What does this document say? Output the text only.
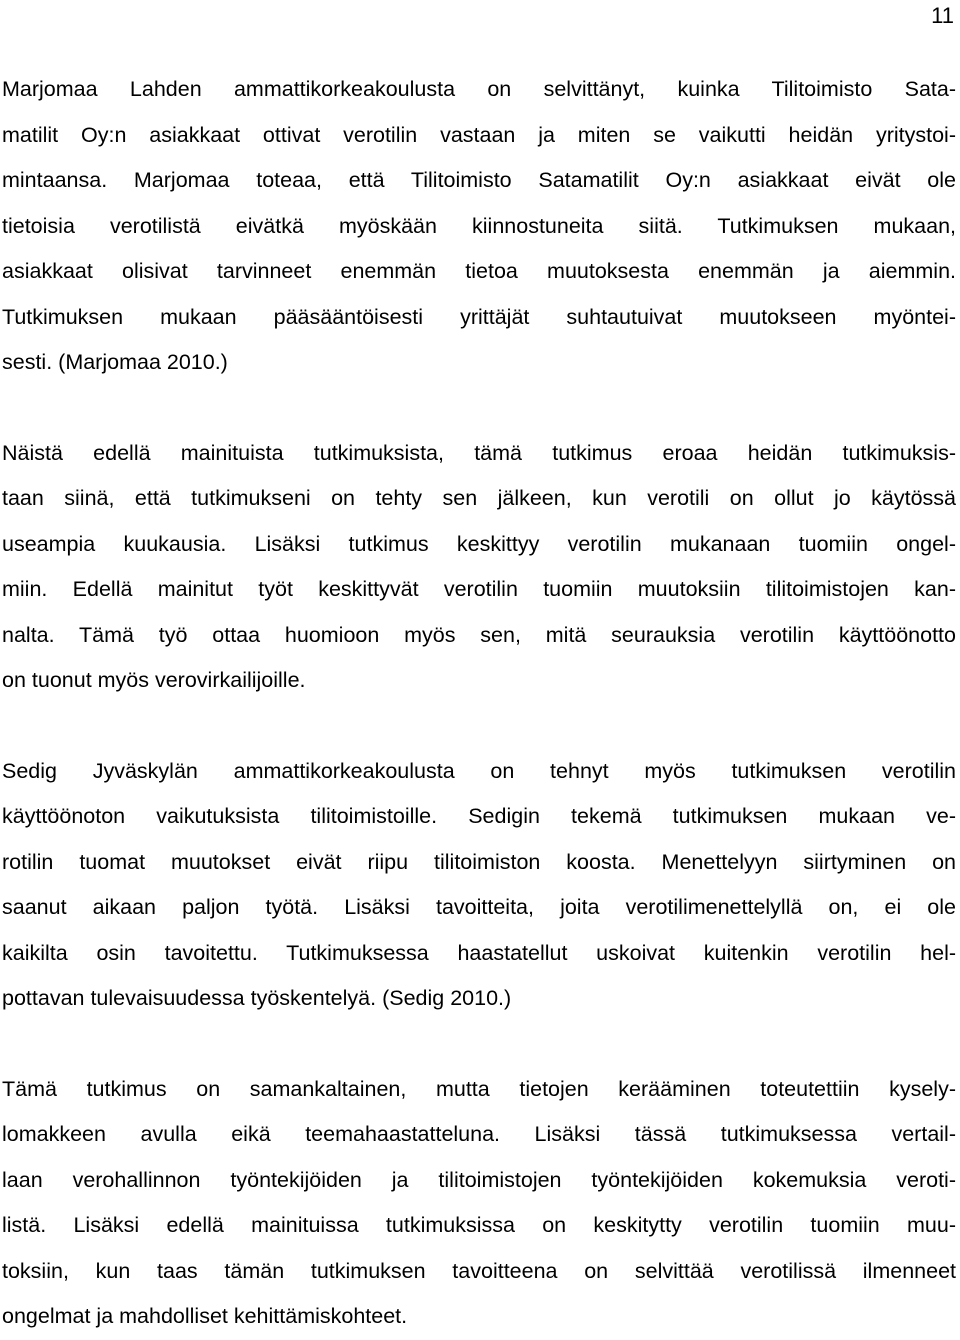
11

Marjomaa Lahden ammattikorkeakoulusta on selvittänyt, kuinka Tilitoimisto Sata-
matilit Oy:n asiakkaat ottivat verotilin vastaan ja miten se vaikutti heidän yritystoi-
mintaansa. Marjomaa toteaa, että Tilitoimisto Satamatilit Oy:n asiakkaat eivät ole
tietoisia verotilistä eivätkä myöskään kiinnostuneita siitä. Tutkimuksen mukaan,
asiakkaat olisivat tarvinneet enemmän tietoa muutoksesta enemmän ja aiemmin.
Tutkimuksen mukaan pääsääntöisesti yrittäjät suhtautuivat muutokseen myöntei-
sesti. (Marjomaa 2010.)

Näistä edellä mainituista tutkimuksista, tämä tutkimus eroaa heidän tutkimuksis-
taan siinä, että tutkimukseni on tehty sen jälkeen, kun verotili on ollut jo käytössä
useampia kuukausia. Lisäksi tutkimus keskittyy verotilin mukanaan tuomiin ongel-
miin. Edellä mainitut työt keskittyvät verotilin tuomiin muutoksiin tilitoimistojen kan-
nalta. Tämä työ ottaa huomioon myös sen, mitä seurauksia verotilin käyttöönotto
on tuonut myös verovirkailijoille.

Sedig Jyväskylän ammattikorkeakoulusta on tehnyt myös tutkimuksen verotilin
käyttöönoton vaikutuksista tilitoimistoille. Sedigin tekemä tutkimuksen mukaan ve-
rotilin tuomat muutokset eivät riipu tilitoimiston koosta. Menettelyyn siirtyminen on
saanut aikaan paljon työtä. Lisäksi tavoitteita, joita verotilimenettelyllä on, ei ole
kaikilta osin tavoitettu. Tutkimuksessa haastatellut uskoivat kuitenkin verotilin hel-
pottavan tulevaisuudessa työskentelyä. (Sedig 2010.)

Tämä tutkimus on samankaltainen, mutta tietojen kerääminen toteutettiin kysely-
lomakkeen avulla eikä teemahaastatteluna. Lisäksi tässä tutkimuksessa vertail-
laan verohallinnon työntekijöiden ja tilitoimistojen työntekijöiden kokemuksia veroti-
listä. Lisäksi edellä mainituissa tutkimuksissa on keskitytty verotilin tuomiin muu-
toksiin, kun taas tämän tutkimuksen tavoitteena on selvittää verotilissä ilmenneet
ongelmat ja mahdolliset kehittämiskohteet.
